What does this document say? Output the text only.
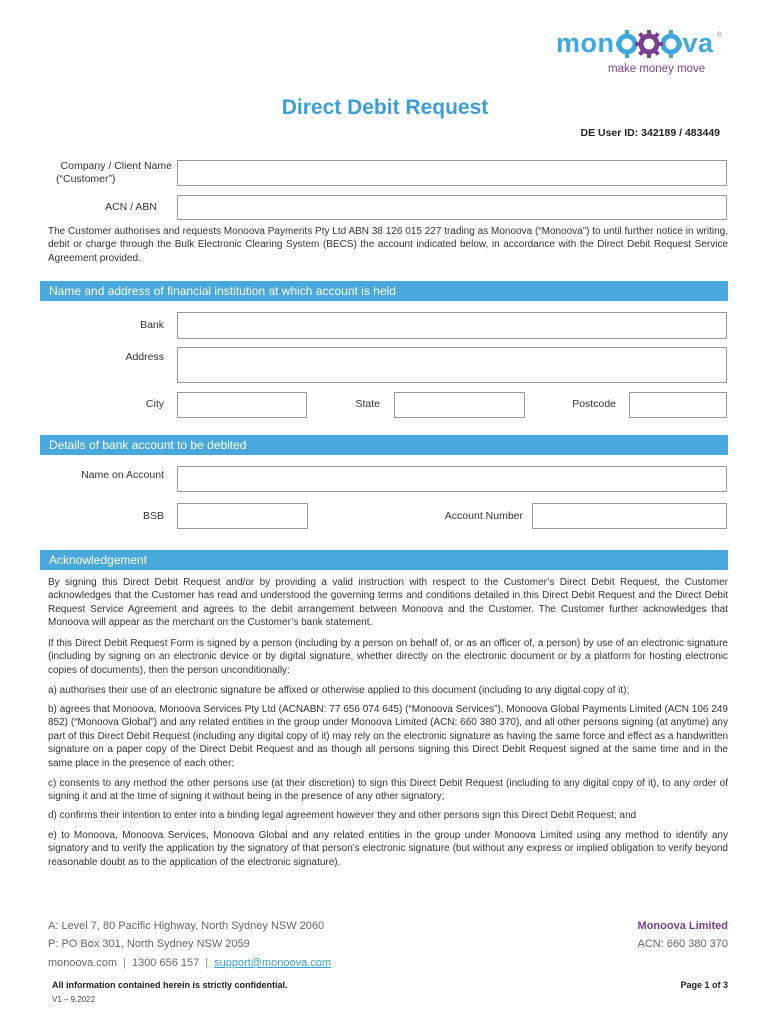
mon	va ®
make money move
Direct Debit Request
DE User ID: 342189 / 483449
Company / Client Name
(“Customer”)
ACN / ABN
The Customer authorises and requests Monoova Payments Pty Ltd ABN 38 126 015 227 trading as Monoova (“Monoova”) to until further notice in writing, debit or charge through the Bulk Electronic Clearing System (BECS) the account indicated below, in accordance with the Direct Debit Request Service Agreement provided.
Name and address of financial institution at which account is held
Bank
Address
City	State	Postcode
Details of bank account to be debited
Name on Account
BSB	Account Number
Acknowledgement
By signing this Direct Debit Request and/or by providing a valid instruction with respect to the Customer’s Direct Debit Request, the Customer acknowledges that the Customer has read and understood the governing terms and conditions detailed in this Direct Debit Request and the Direct Debit Request Service Agreement and agrees to the debit arrangement between Monoova and the Customer. The Customer further acknowledges that Monoova will appear as the merchant on the Customer’s bank statement.
If this Direct Debit Request Form is signed by a person (including by a person on behalf of, or as an officer of, a person) by use of an electronic signature (including by signing on an electronic device or by digital signature, whether directly on the electronic document or by a platform for hosting electronic copies of documents), then the person unconditionally:
a) authorises their use of an electronic signature be affixed or otherwise applied to this document (including to any digital copy of it);
b) agrees that Monoova, Monoova Services Pty Ltd (ACNABN: 77 656 074 645) (“Monoova Services”), Monoova Global Payments Limited (ACN 106 249 852) (“Monoova Global”) and any related entities in the group under Monoova Limited (ACN: 660 380 370), and all other persons signing (at anytime) any part of this Direct Debit Request (including any digital copy of it) may rely on the electronic signature as having the same force and effect as a handwritten signature on a paper copy of the Direct Debit Request and as though all persons signing this Direct Debit Request signed at the same time and in the same place in the presence of each other;
c) consents to any method the other persons use (at their discretion) to sign this Direct Debit Request (including to any digital copy of it), to any order of signing it and at the time of signing it without being in the presence of any other signatory;
d) confirms their intention to enter into a binding legal agreement however they and other persons sign this Direct Debit Request; and
e) to Monoova, Monoova Services, Monoova Global and any related entities in the group under Monoova Limited using any method to identify any signatory and to verify the application by the signatory of that person's electronic signature (but without any express or implied obligation to verify beyond reasonable doubt as to the application of the electronic signature).
A: Level 7, 80 Pacific Highway, North Sydney NSW 2060
P: PO Box 301, North Sydney NSW 2059
monoova.com | 1300 656 157 | support@monoova.com
Monoova Limited
ACN: 660 380 370
All information contained herein is strictly confidential.
V1 – 9.2022
Page 1 of 3
